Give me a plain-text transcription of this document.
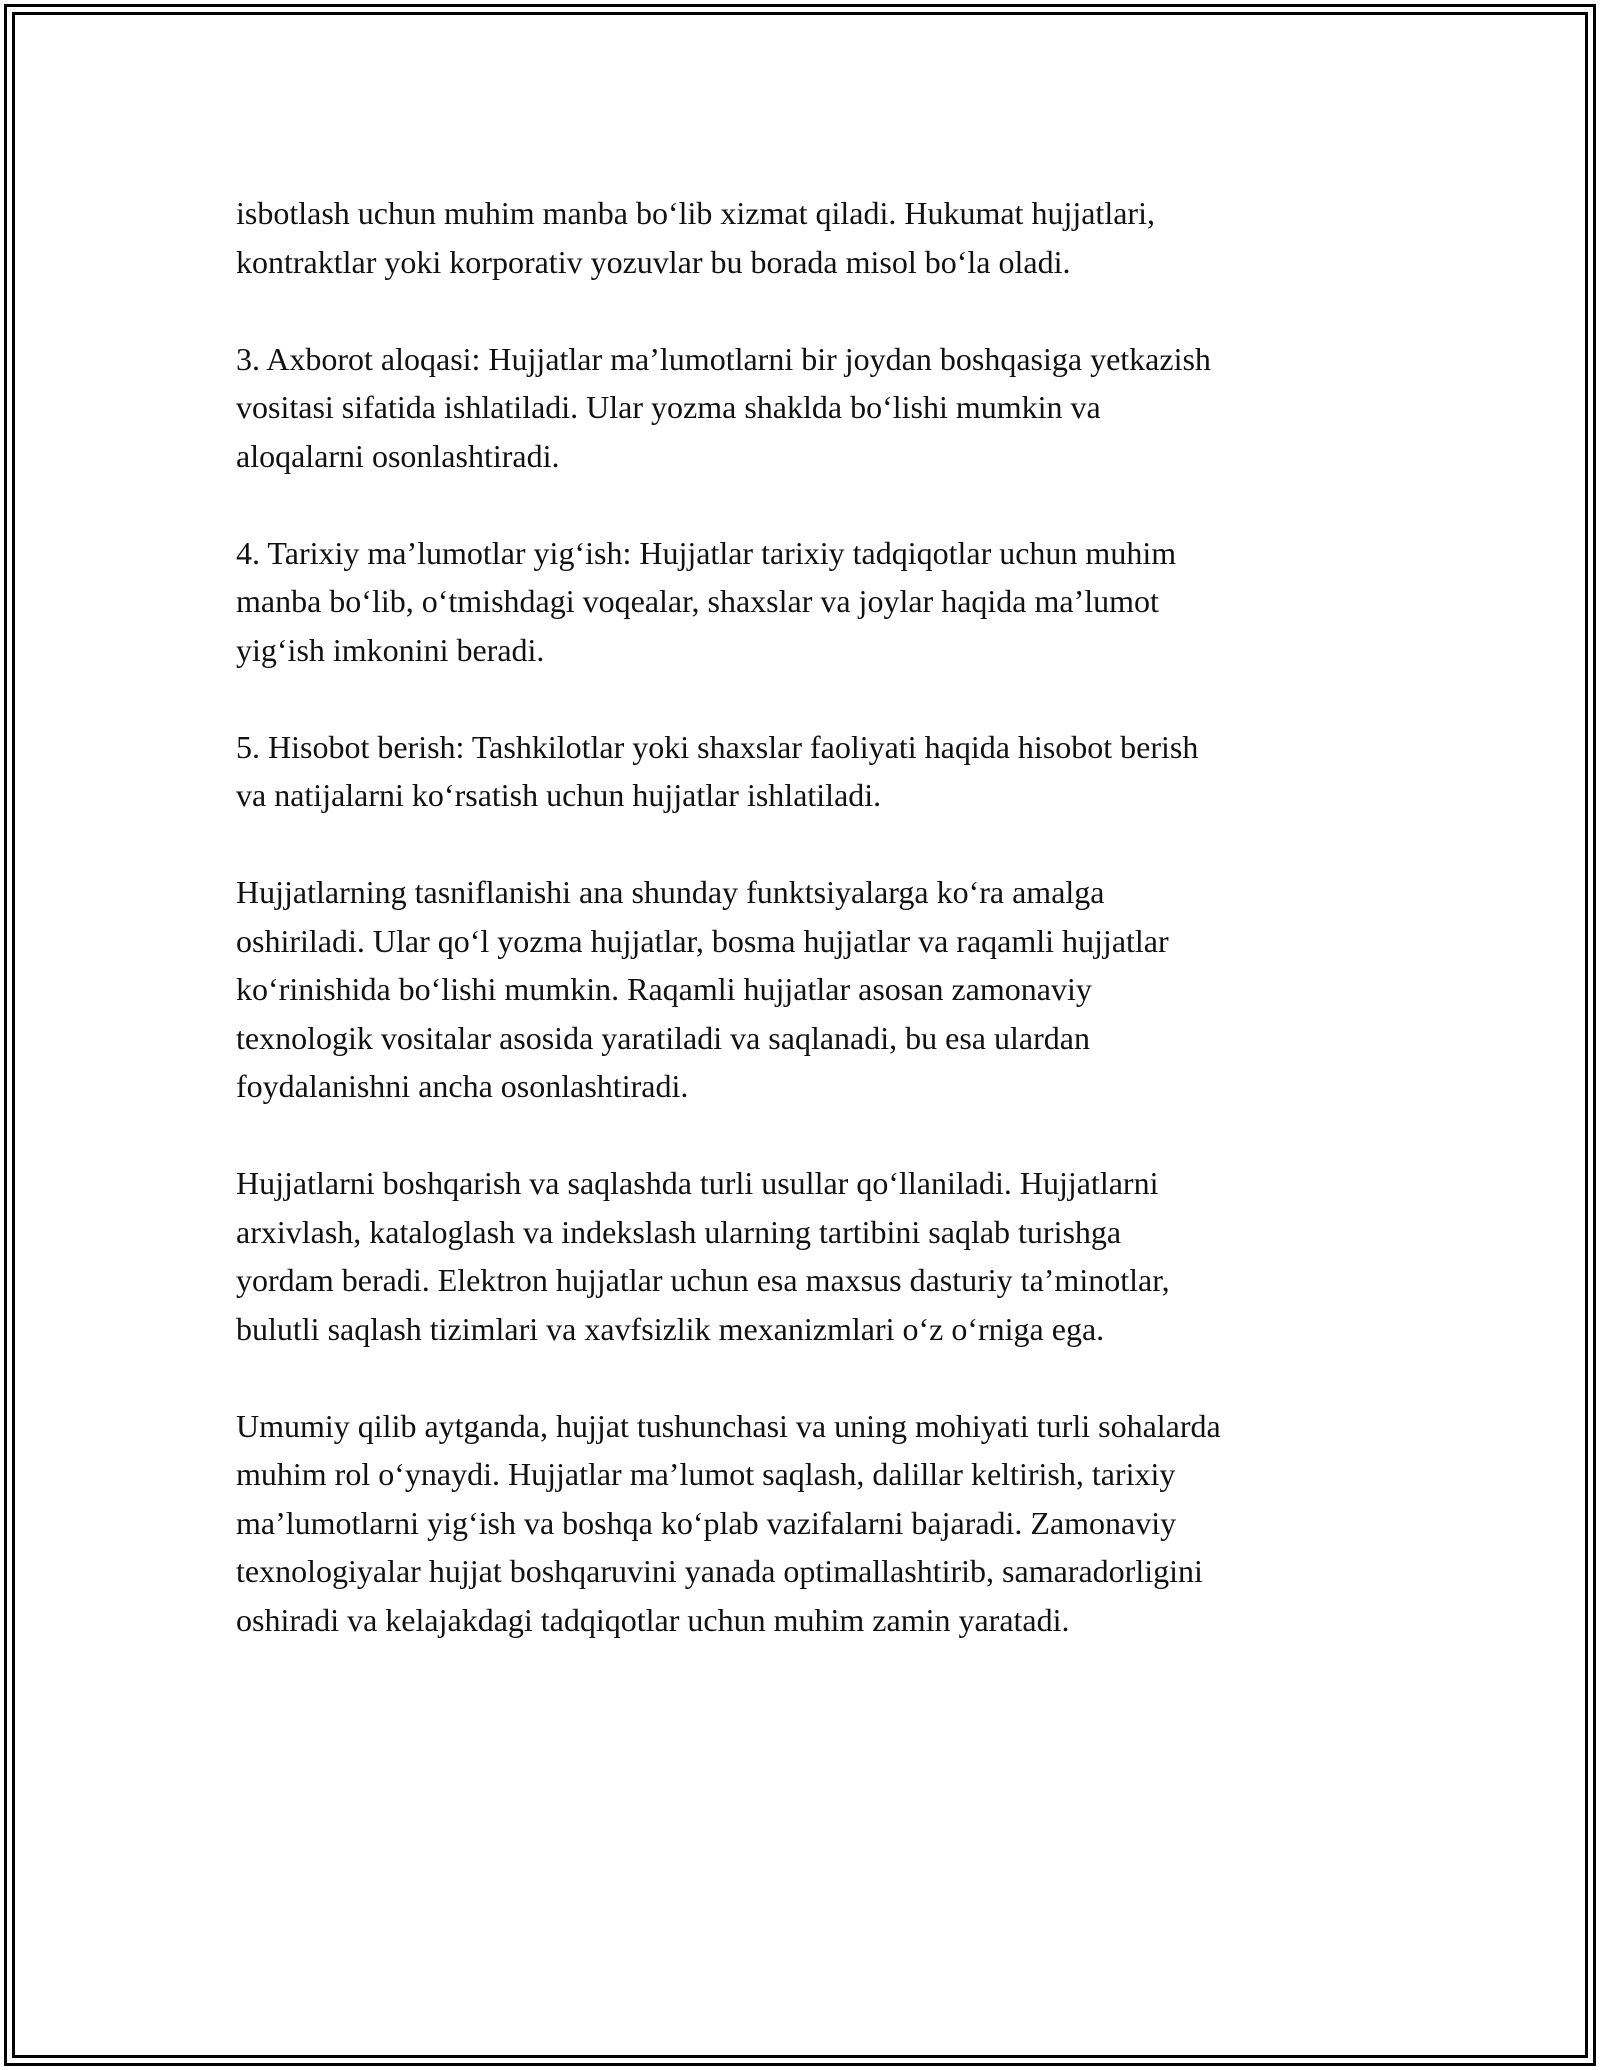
isbotlash uchun muhim manba bo‘lib xizmat qiladi. Hukumat hujjatlari,
kontraktlar yoki korporativ yozuvlar bu borada misol bo‘la oladi.

3. Axborot aloqasi: Hujjatlar ma’lumotlarni bir joydan boshqasiga yetkazish
vositasi sifatida ishlatiladi. Ular yozma shaklda bo‘lishi mumkin va
aloqalarni osonlashtiradi.

4. Tarixiy ma’lumotlar yig‘ish: Hujjatlar tarixiy tadqiqotlar uchun muhim
manba bo‘lib, o‘tmishdagi voqealar, shaxslar va joylar haqida ma’lumot
yig‘ish imkonini beradi.

5. Hisobot berish: Tashkilotlar yoki shaxslar faoliyati haqida hisobot berish
va natijalarni ko‘rsatish uchun hujjatlar ishlatiladi.

Hujjatlarning tasniflanishi ana shunday funktsiyalarga ko‘ra amalga
oshiriladi. Ular qo‘l yozma hujjatlar, bosma hujjatlar va raqamli hujjatlar
ko‘rinishida bo‘lishi mumkin. Raqamli hujjatlar asosan zamonaviy
texnologik vositalar asosida yaratiladi va saqlanadi, bu esa ulardan
foydalanishni ancha osonlashtiradi.

Hujjatlarni boshqarish va saqlashda turli usullar qo‘llaniladi. Hujjatlarni
arxivlash, kataloglash va indekslash ularning tartibini saqlab turishga
yordam beradi. Elektron hujjatlar uchun esa maxsus dasturiy ta’minotlar,
bulutli saqlash tizimlari va xavfsizlik mexanizmlari o‘z o‘rniga ega.

Umumiy qilib aytganda, hujjat tushunchasi va uning mohiyati turli sohalarda
muhim rol o‘ynaydi. Hujjatlar ma’lumot saqlash, dalillar keltirish, tarixiy
ma’lumotlarni yig‘ish va boshqa ko‘plab vazifalarni bajaradi. Zamonaviy
texnologiyalar hujjat boshqaruvini yanada optimallashtirib, samaradorligini
oshiradi va kelajakdagi tadqiqotlar uchun muhim zamin yaratadi.
